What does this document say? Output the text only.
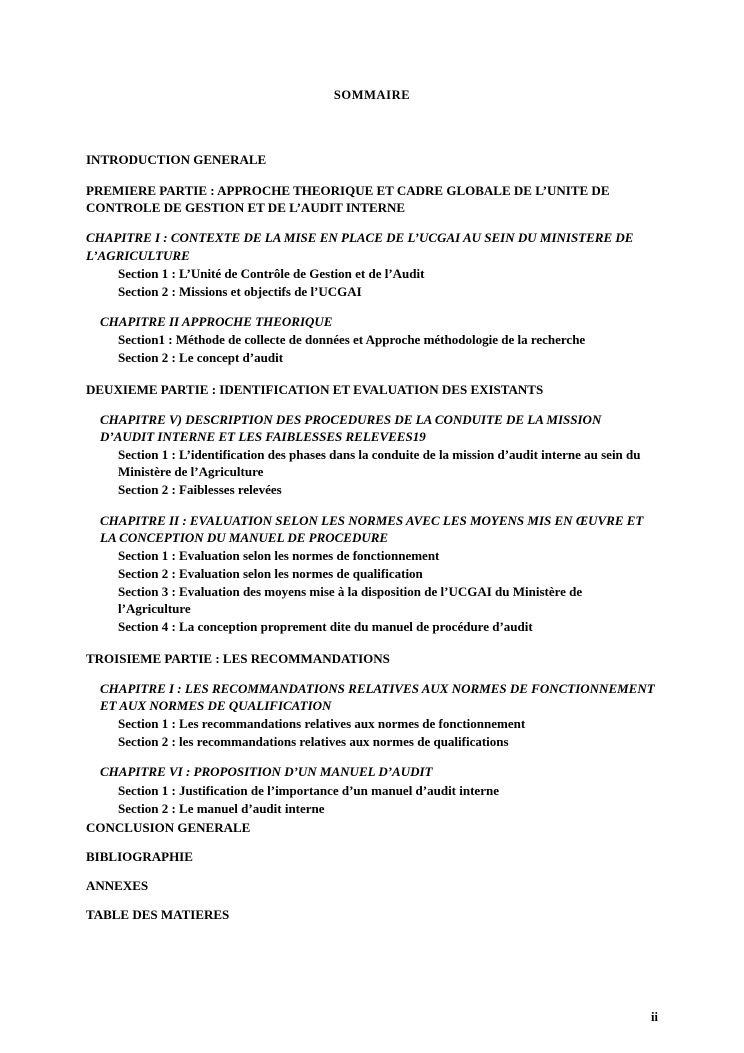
SOMMAIRE
INTRODUCTION GENERALE
PREMIERE PARTIE : APPROCHE THEORIQUE ET CADRE GLOBALE DE L’UNITE DE CONTROLE DE GESTION ET DE L’AUDIT INTERNE
CHAPITRE I : CONTEXTE DE LA MISE EN PLACE DE L’UCGAI AU SEIN DU MINISTERE DE L’AGRICULTURE
Section 1 : L’Unité de Contrôle de Gestion et de l’Audit
Section 2 : Missions et objectifs de l’UCGAI
CHAPITRE II APPROCHE THEORIQUE
Section1 : Méthode de collecte de données et Approche méthodologie de la recherche
Section 2 : Le concept d’audit
DEUXIEME PARTIE : IDENTIFICATION ET EVALUATION DES EXISTANTS
CHAPITRE V) DESCRIPTION DES PROCEDURES DE LA CONDUITE DE LA MISSION D’AUDIT INTERNE ET LES FAIBLESSES RELEVEES19
Section 1 : L’identification des phases dans la conduite de la mission d’audit interne au sein du Ministère de l’Agriculture
Section 2 : Faiblesses relevées
CHAPITRE II : EVALUATION SELON LES NORMES AVEC LES MOYENS MIS EN ŒUVRE ET LA CONCEPTION DU MANUEL DE PROCEDURE
Section 1 : Evaluation selon les normes de fonctionnement
Section 2 : Evaluation selon les normes de qualification
Section 3 : Evaluation des moyens mise à la disposition de l’UCGAI du Ministère de l’Agriculture
Section 4 : La conception proprement dite du manuel de procédure d’audit
TROISIEME PARTIE : LES RECOMMANDATIONS
CHAPITRE I : LES RECOMMANDATIONS RELATIVES AUX NORMES DE FONCTIONNEMENT ET AUX NORMES DE QUALIFICATION
Section 1 : Les recommandations relatives aux normes de fonctionnement
Section 2 : les recommandations relatives aux normes de qualifications
CHAPITRE VI : PROPOSITION D’UN MANUEL D’AUDIT
Section 1 : Justification de l’importance d’un manuel d’audit interne
Section 2 : Le manuel d’audit interne
CONCLUSION GENERALE
BIBLIOGRAPHIE
ANNEXES
TABLE DES MATIERES
ii
